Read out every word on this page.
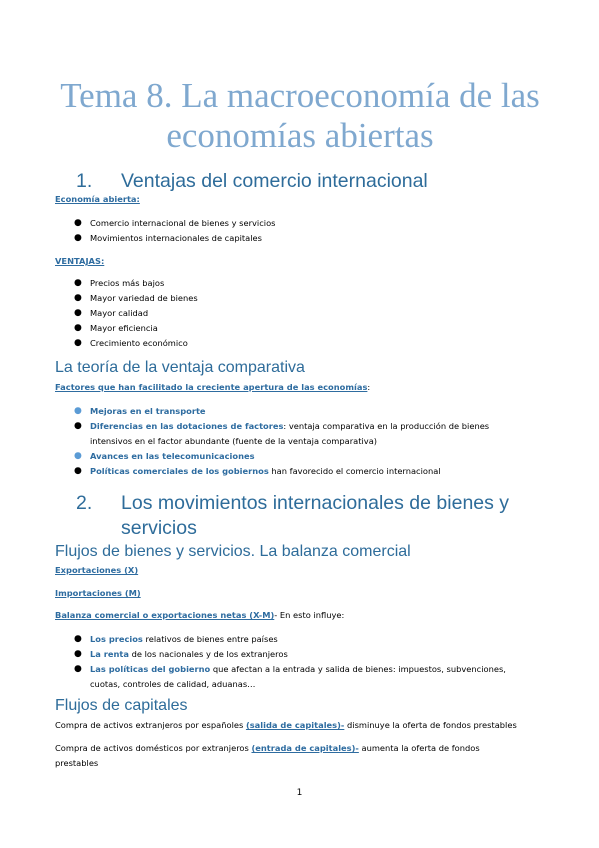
Tema 8. La macroeconomía de las economías abiertas
1. Ventajas del comercio internacional
Economía abierta:
● Comercio internacional de bienes y servicios
● Movimientos internacionales de capitales
VENTAJAS:
● Precios más bajos
● Mayor variedad de bienes
● Mayor calidad
● Mayor eficiencia
● Crecimiento económico
La teoría de la ventaja comparativa
Factores que han facilitado la creciente apertura de las economías:
● Mejoras en el transporte
● Diferencias en las dotaciones de factores: ventaja comparativa en la producción de bienes
intensivos en el factor abundante (fuente de la ventaja comparativa)
● Avances en las telecomunicaciones
● Políticas comerciales de los gobiernos han favorecido el comercio internacional
2. Los movimientos internacionales de bienes y
servicios
Flujos de bienes y servicios. La balanza comercial
Exportaciones (X)
Importaciones (M)
Balanza comercial o exportaciones netas (X-M)- En esto influye:
● Los precios relativos de bienes entre países
● La renta de los nacionales y de los extranjeros
● Las políticas del gobierno que afectan a la entrada y salida de bienes: impuestos, subvenciones,
cuotas, controles de calidad, aduanas…
Flujos de capitales
Compra de activos extranjeros por españoles (salida de capitales)- disminuye la oferta de fondos prestables
Compra de activos domésticos por extranjeros (entrada de capitales)- aumenta la oferta de fondos
prestables
1
